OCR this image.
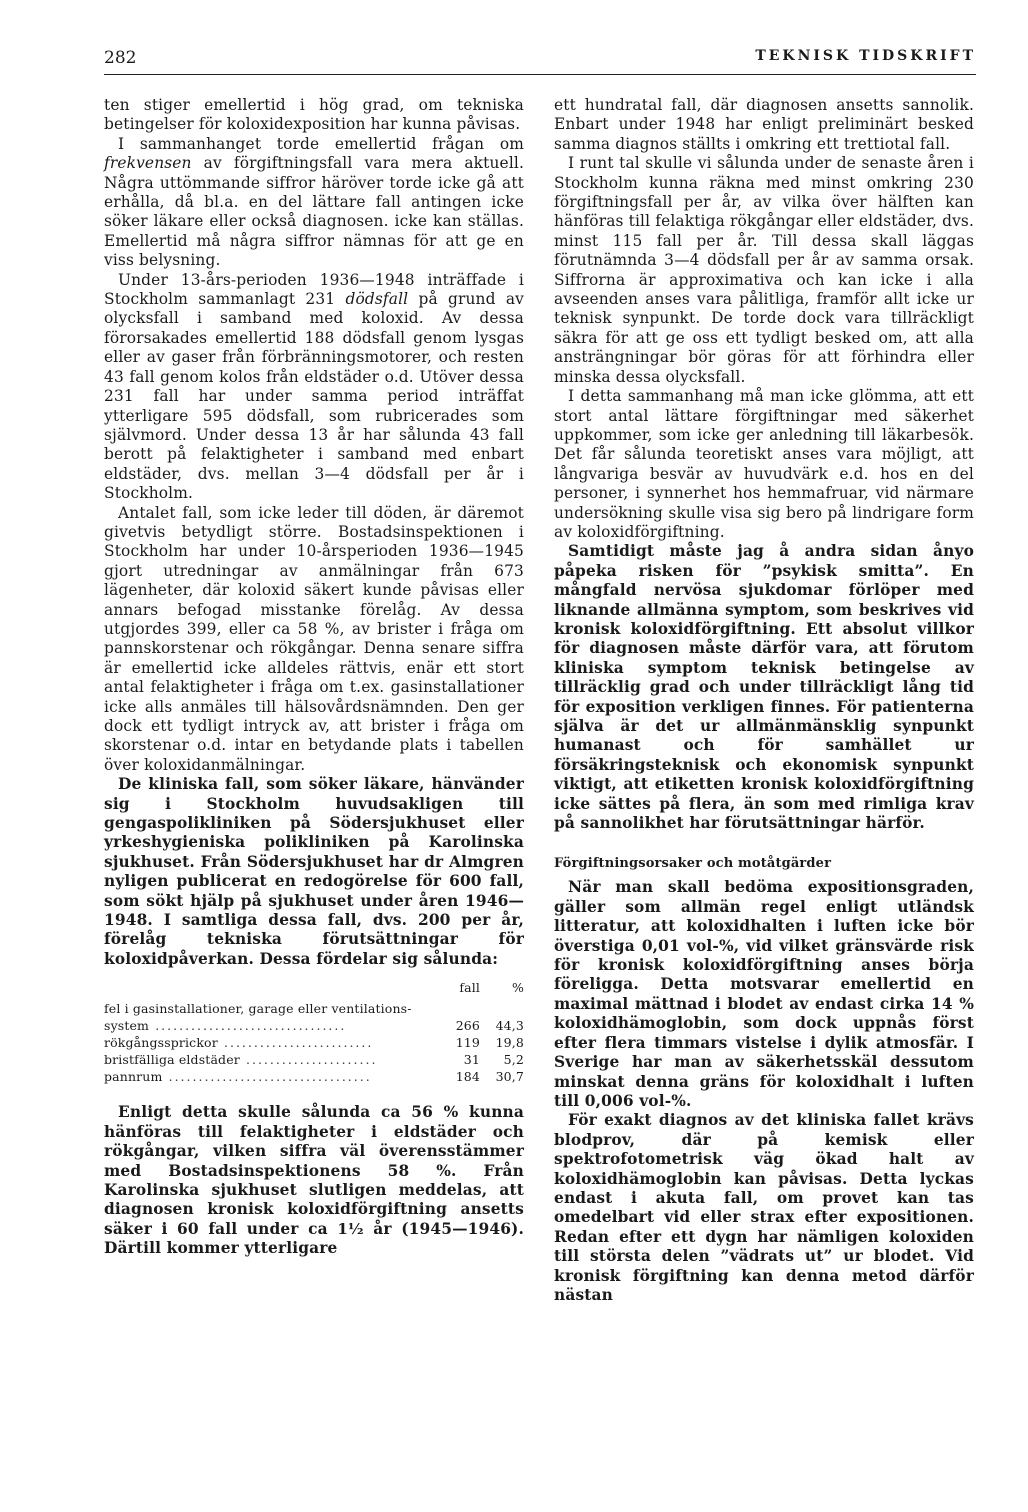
282	TEKNISK TIDSKRIFT

ten stiger emellertid i hög grad, om tekniska betingelser för koloxidexposition har kunna påvisas.

I sammanhanget torde emellertid frågan om frekvensen av förgiftningsfall vara mera aktuell. Några uttömmande siffror häröver torde icke gå att erhålla, då bl.a. en del lättare fall antingen icke söker läkare eller också diagnosen. icke kan ställas. Emellertid må några siffror nämnas för att ge en viss belysning.

Under 13-års-perioden 1936—1948 inträffade i Stockholm sammanlagt 231 dödsfall på grund av olycksfall i samband med koloxid. Av dessa förorsakades emellertid 188 dödsfall genom lysgas eller av gaser från förbränningsmotorer, och resten 43 fall genom kolos från eldstäder o.d. Utöver dessa 231 fall har under samma period inträffat ytterligare 595 dödsfall, som rubricerades som självmord. Under dessa 13 år har sålunda 43 fall berott på felaktigheter i samband med enbart eldstäder, dvs. mellan 3—4 dödsfall per år i Stockholm.

Antalet fall, som icke leder till döden, är däremot givetvis betydligt större. Bostadsinspektionen i Stockholm har under 10-årsperioden 1936—1945 gjort utredningar av anmälningar från 673 lägenheter, där koloxid säkert kunde påvisas eller annars befogad misstanke förelåg. Av dessa utgjordes 399, eller ca 58 %, av brister i fråga om pannskorstenar och rökgångar. Denna senare siffra är emellertid icke alldeles rättvis, enär ett stort antal felaktigheter i fråga om t.ex. gasinstallationer icke alls anmäles till hälsovårdsnämnden. Den ger dock ett tydligt intryck av, att brister i fråga om skorstenar o.d. intar en betydande plats i tabellen över koloxidanmälningar.

De kliniska fall, som söker läkare, hänvänder sig i Stockholm huvudsakligen till gengaspolikliniken på Södersjukhuset eller yrkeshygieniska polikliniken på Karolinska sjukhuset. Från Södersjukhuset har dr Almgren nyligen publicerat en redogörelse för 600 fall, som sökt hjälp på sjukhuset under åren 1946—1948. I samtliga dessa fall, dvs. 200 per år, förelåg tekniska förutsättningar för koloxidpåverkan. Dessa fördelar sig sålunda:

	fall	%
fel i gasinstallationer, garage eller ventilations-		
system ................................	266	44,3
rökgångssprickor .........................	119	19,8
bristfälliga eldstäder ......................	31	5,2
pannrum ..................................	184	30,7

Enligt detta skulle sålunda ca 56 % kunna hänföras till felaktigheter i eldstäder och rökgångar, vilken siffra väl överensstämmer med Bostadsinspektionens 58 %. Från Karolinska sjukhuset slutligen meddelas, att diagnosen kronisk koloxidförgiftning ansetts säker i 60 fall under ca 1½ år (1945—1946). Därtill kommer ytterligare

ett hundratal fall, där diagnosen ansetts sannolik. Enbart under 1948 har enligt preliminärt besked samma diagnos ställts i omkring ett trettiotal fall.

I runt tal skulle vi sålunda under de senaste åren i Stockholm kunna räkna med minst omkring 230 förgiftningsfall per år, av vilka över hälften kan hänföras till felaktiga rökgångar eller eldstäder, dvs. minst 115 fall per år. Till dessa skall läggas förutnämnda 3—4 dödsfall per år av samma orsak. Siffrorna är approximativa och kan icke i alla avseenden anses vara pålitliga, framför allt icke ur teknisk synpunkt. De torde dock vara tillräckligt säkra för att ge oss ett tydligt besked om, att alla ansträngningar bör göras för att förhindra eller minska dessa olycksfall.

I detta sammanhang må man icke glömma, att ett stort antal lättare förgiftningar med säkerhet uppkommer, som icke ger anledning till läkarbesök. Det får sålunda teoretiskt anses vara möjligt, att långvariga besvär av huvudvärk e.d. hos en del personer, i synnerhet hos hemmafruar, vid närmare undersökning skulle visa sig bero på lindrigare form av koloxidförgiftning.

Samtidigt måste jag å andra sidan ånyo påpeka risken för ”psykisk smitta”. En mångfald nervösa sjukdomar förlöper med liknande allmänna symptom, som beskrives vid kronisk koloxidförgiftning. Ett absolut villkor för diagnosen måste därför vara, att förutom kliniska symptom teknisk betingelse av tillräcklig grad och under tillräckligt lång tid för exposition verkligen finnes. För patienterna själva är det ur allmänmänsklig synpunkt humanast och för samhället ur försäkringsteknisk och ekonomisk synpunkt viktigt, att etiketten kronisk koloxidförgiftning icke sättes på flera, än som med rimliga krav på sannolikhet har förutsättningar härför.

Förgiftningsorsaker och motåtgärder

När man skall bedöma expositionsgraden, gäller som allmän regel enligt utländsk litteratur, att koloxidhalten i luften icke bör överstiga 0,01 vol-%, vid vilket gränsvärde risk för kronisk koloxidförgiftning anses börja föreligga. Detta motsvarar emellertid en maximal mättnad i blodet av endast cirka 14 % koloxidhämoglobin, som dock uppnås först efter flera timmars vistelse i dylik atmosfär. I Sverige har man av säkerhetsskäl dessutom minskat denna gräns för koloxidhalt i luften till 0,006 vol-%.

För exakt diagnos av det kliniska fallet krävs blodprov, där på kemisk eller spektrofotometrisk väg ökad halt av koloxidhämoglobin kan påvisas. Detta lyckas endast i akuta fall, om provet kan tas omedelbart vid eller strax efter expositionen. Redan efter ett dygn har nämligen koloxiden till största delen ”vädrats ut” ur blodet. Vid kronisk förgiftning kan denna metod därför nästan
